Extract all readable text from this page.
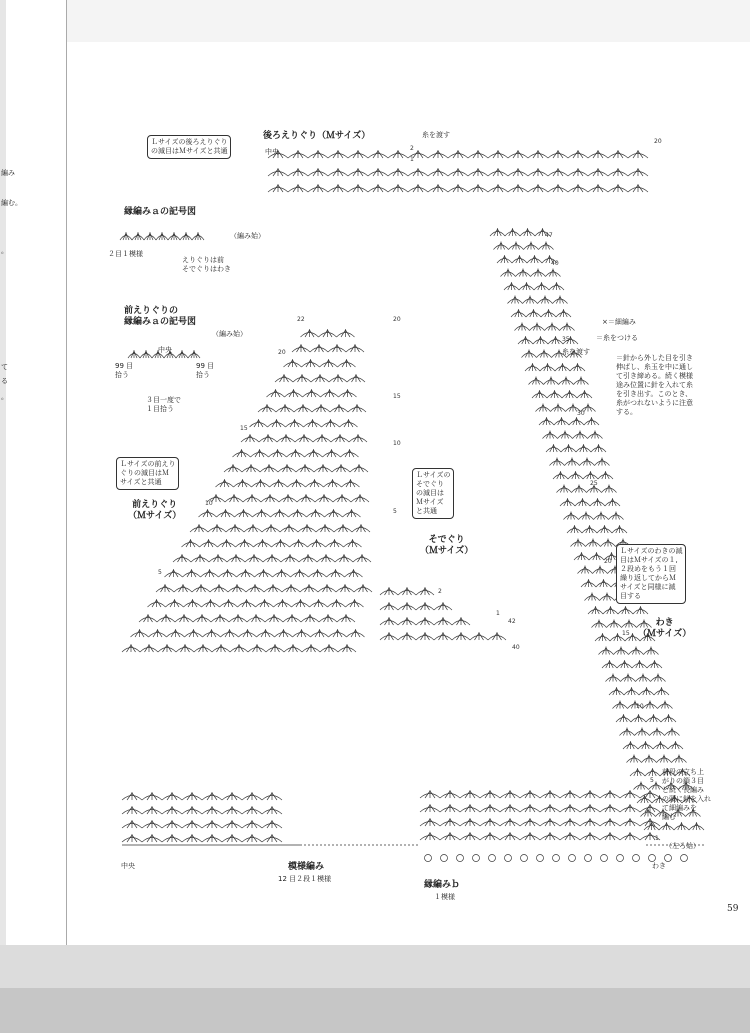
編み
編む。
。
て
る
。
Ｌサイズの後ろえりぐり
の減目はＭサイズと共通
後ろえりぐり（Ｍサイズ）
中央
糸を渡す
20
2
1
縁編みａの記号図
（編み始）
２目１模様
えりぐりは前
そでぐりはわき
前えりぐりの
縁編みａの記号図
（編み始）
中央
99 目
拾う
99 目
拾う
３目一度で
１目拾う
Ｌサイズの前えり
ぐりの減目はＭ
サイズと共通
前えりぐり
（Ｍサイズ）
22	20
20
15
10
5
Ｌサイズの
そでぐり
の減目は
Ｍサイズ
と共通
そでぐり
（Ｍサイズ）
15
10
5
2
1
42
40
×＝細編み
＝糸をつける
糸を渡す
＝針から外した目を引き
伸ばし、糸玉を中に通し
て引き締める。続く模様
途み位置に針を入れて糸
を引き出す。このとき、
糸がつれないように注意
する。
47
40
35
30
25
20
15
10
5
1
Ｌサイズのわきの減
目はＭサイズの１,
２段めをもう１回
繰り返してからＭ
サイズと同様に減
目する
わき
（Ｍサイズ）
前段の立ち上
がりの鎖３目
と続く長編み
の頭に針を入れ
て細編みを
編む
中央	模様編み
12 目２段１模様
縁編みｂ
１模様
（左ろ始）
わき
59
